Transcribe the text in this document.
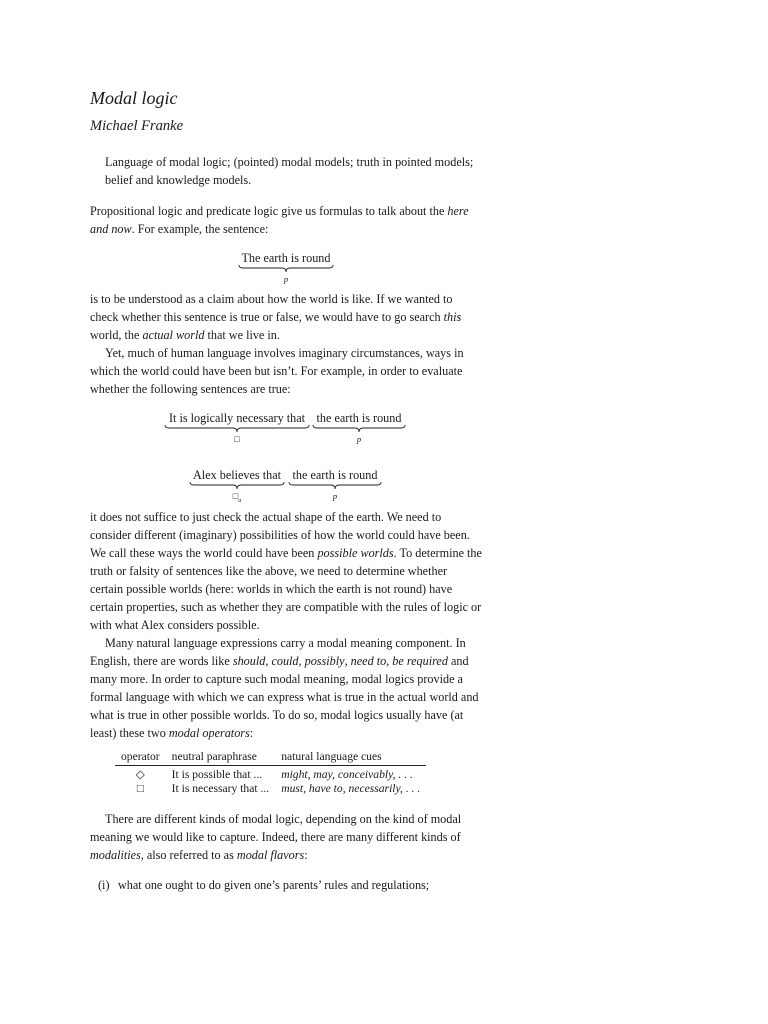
Modal logic
Michael Franke
Language of modal logic; (pointed) modal models; truth in pointed models; belief and knowledge models.
Propositional logic and predicate logic give us formulas to talk about the here and now. For example, the sentence:
The earth is round
p
is to be understood as a claim about how the world is like. If we wanted to check whether this sentence is true or false, we would have to go search this world, the actual world that we live in.
Yet, much of human language involves imaginary circumstances, ways in which the world could have been but isn’t. For example, in order to evaluate whether the following sentences are true:
It is logically necessary that
□
the earth is round
p
Alex believes that
$□_a$
the earth is round
p
it does not suffice to just check the actual shape of the earth. We need to consider different (imaginary) possibilities of how the world could have been. We call these ways the world could have been possible worlds. To determine the truth or falsity of sentences like the above, we need to determine whether certain possible worlds (here: worlds in which the earth is not round) have certain properties, such as whether they are compatible with the rules of logic or with what Alex considers possible.
Many natural language expressions carry a modal meaning component. In English, there are words like should, could, possibly, need to, be required and many more. In order to capture such modal meaning, modal logics provide a formal language with which we can express what is true in the actual world and what is true in other possible worlds. To do so, modal logics usually have (at least) these two modal operators:
operator	neutral paraphrase	natural language cues
◇	It is possible that ...	might, may, conceivably, . . .
□	It is necessary that ...	must, have to, necessarily, . . .
There are different kinds of modal logic, depending on the kind of modal meaning we would like to capture. Indeed, there are many different kinds of modalities, also referred to as modal flavors:
(i) what one ought to do given one’s parents’ rules and regulations;
